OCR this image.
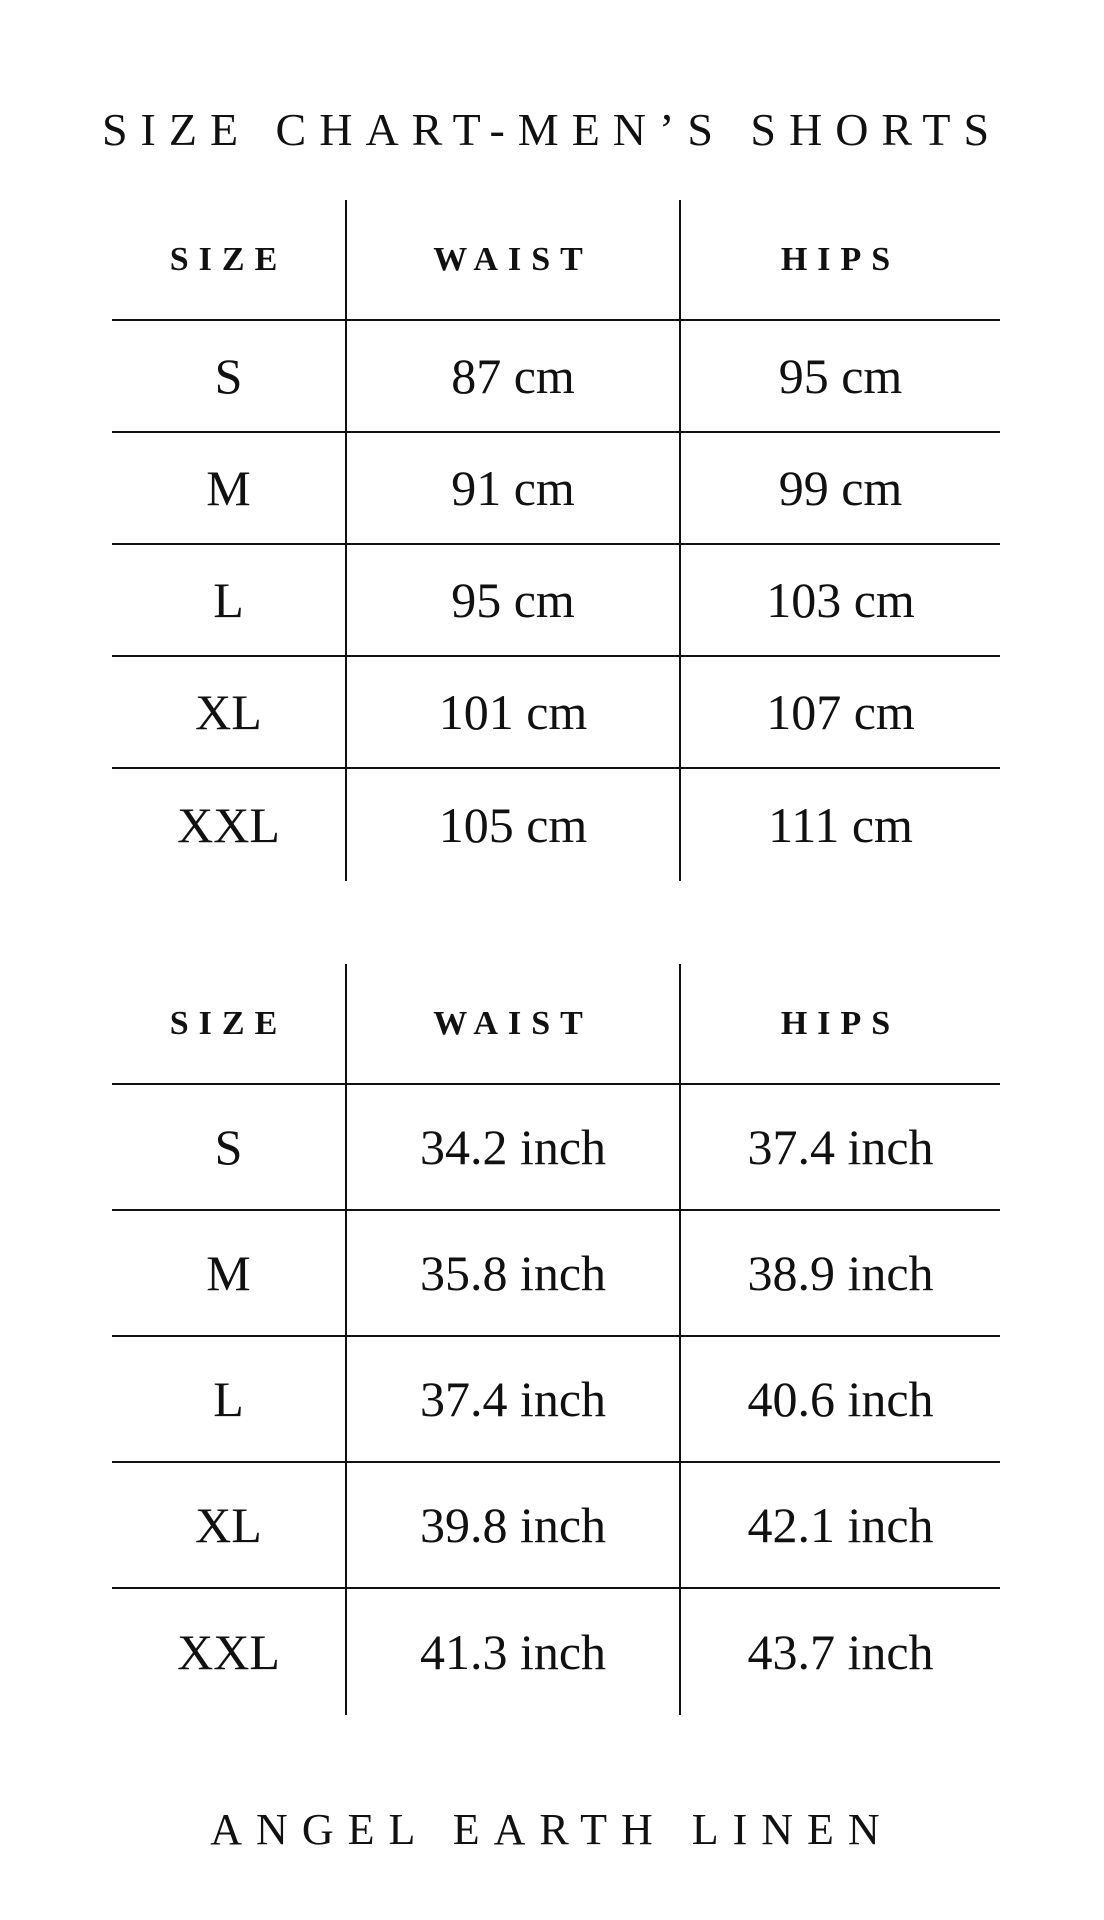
SIZE CHART-MEN’S SHORTS
SIZE	WAIST	HIPS
S	87 cm	95 cm
M	91 cm	99 cm
L	95 cm	103 cm
XL	101 cm	107 cm
XXL	105 cm	111 cm
SIZE	WAIST	HIPS
S	34.2 inch	37.4 inch
M	35.8 inch	38.9 inch
L	37.4 inch	40.6 inch
XL	39.8 inch	42.1 inch
XXL	41.3 inch	43.7 inch
ANGEL EARTH LINEN
